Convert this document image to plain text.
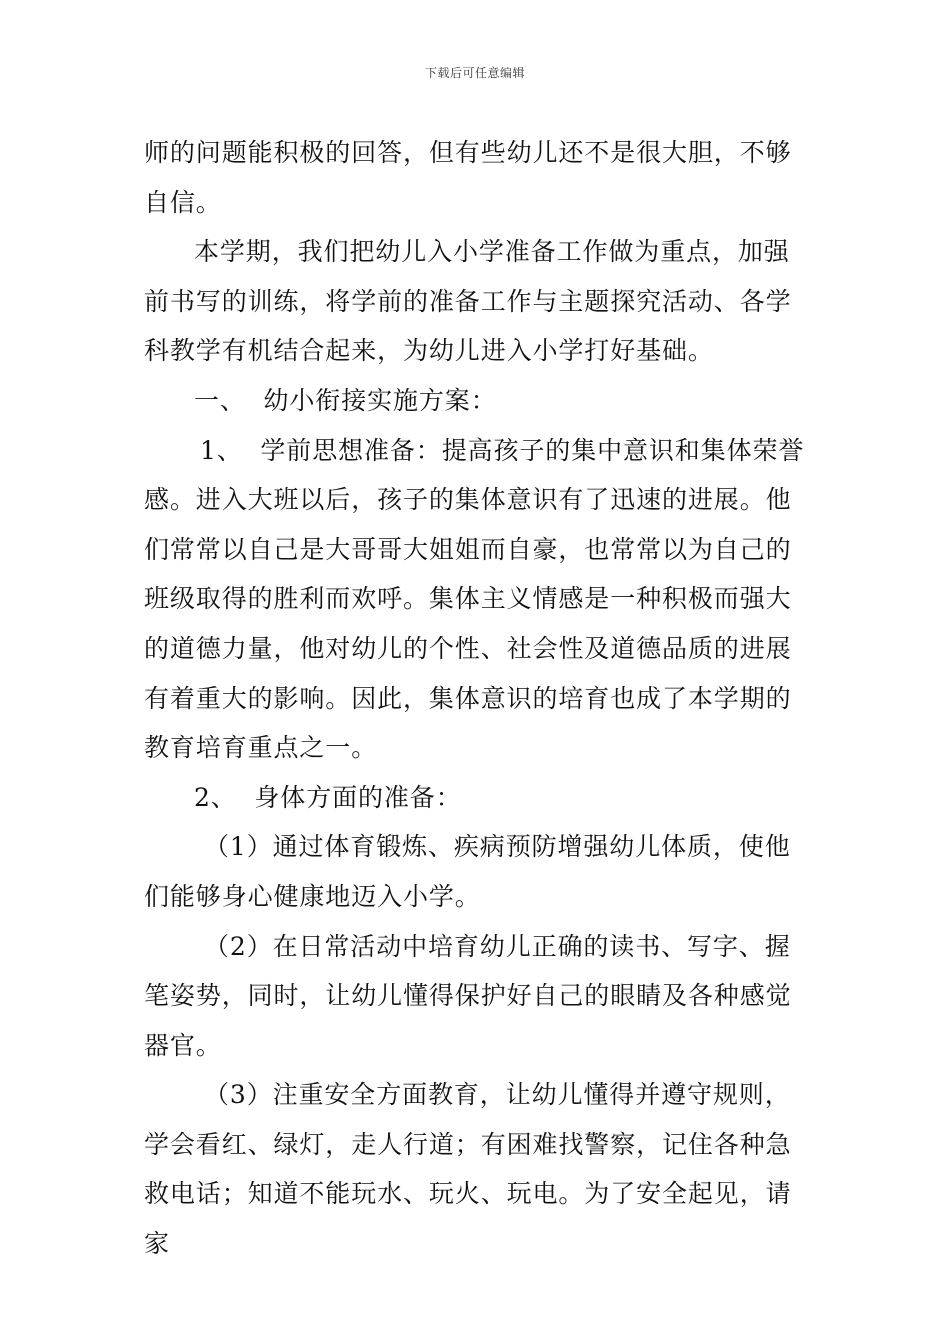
下载后可任意编辑

师的问题能积极的回答，但有些幼儿还不是很大胆，不够自信。

本学期，我们把幼儿入小学准备工作做为重点，加强前书写的训练，将学前的准备工作与主题探究活动、各学科教学有机结合起来，为幼儿进入小学打好基础。

一、  幼小衔接实施方案：

1、  学前思想准备：提高孩子的集中意识和集体荣誉感。进入大班以后，孩子的集体意识有了迅速的进展。他们常常以自己是大哥哥大姐姐而自豪，也常常以为自己的班级取得的胜利而欢呼。集体主义情感是一种积极而强大的道德力量，他对幼儿的个性、社会性及道德品质的进展有着重大的影响。因此，集体意识的培育也成了本学期的教育培育重点之一。

2、  身体方面的准备：

（1）通过体育锻炼、疾病预防增强幼儿体质，使他们能够身心健康地迈入小学。

（2）在日常活动中培育幼儿正确的读书、写字、握笔姿势，同时，让幼儿懂得保护好自己的眼睛及各种感觉器官。

（3）注重安全方面教育，让幼儿懂得并遵守规则，学会看红、绿灯，走人行道；有困难找警察，记住各种急救电话；知道不能玩水、玩火、玩电。为了安全起见，请家
